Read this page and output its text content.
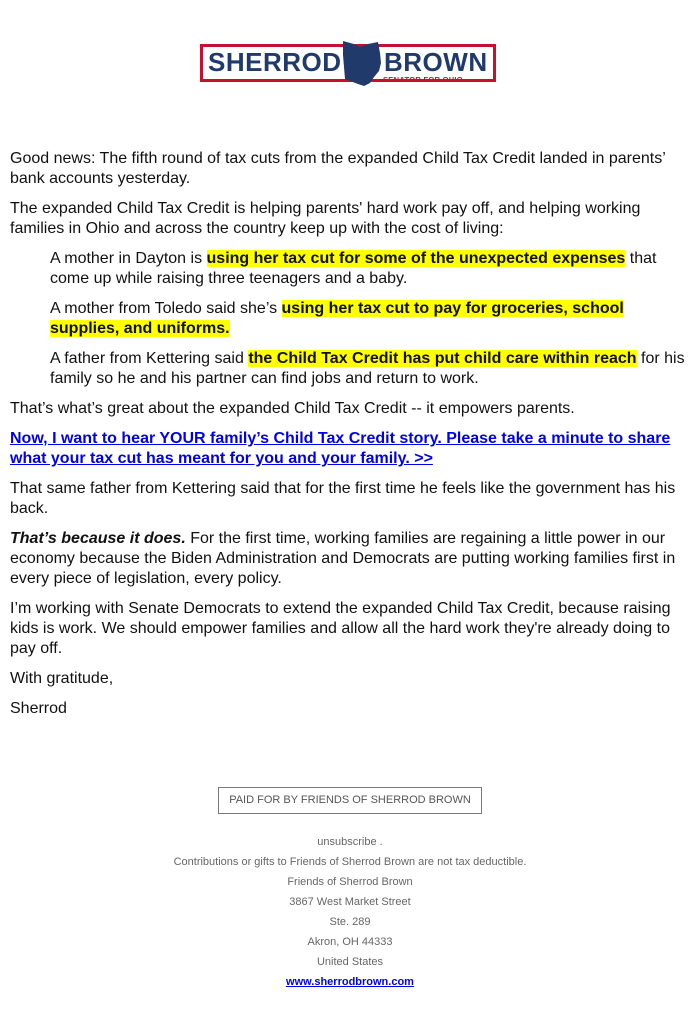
SHERROD BROWN
SENATOR FOR OHIO

Good news: The fifth round of tax cuts from the expanded Child Tax Credit landed in parents’ bank accounts yesterday.

The expanded Child Tax Credit is helping parents' hard work pay off, and helping working families in Ohio and across the country keep up with the cost of living:

A mother in Dayton is using her tax cut for some of the unexpected expenses that come up while raising three teenagers and a baby.

A mother from Toledo said she’s using her tax cut to pay for groceries, school supplies, and uniforms.

A father from Kettering said the Child Tax Credit has put child care within reach for his family so he and his partner can find jobs and return to work.

That’s what’s great about the expanded Child Tax Credit -- it empowers parents.

Now, I want to hear YOUR family’s Child Tax Credit story. Please take a minute to share what your tax cut has meant for you and your family. >>

That same father from Kettering said that for the first time he feels like the government has his back.

That’s because it does. For the first time, working families are regaining a little power in our economy because the Biden Administration and Democrats are putting working families first in every piece of legislation, every policy.

I’m working with Senate Democrats to extend the expanded Child Tax Credit, because raising kids is work. We should empower families and allow all the hard work they're already doing to pay off.

With gratitude,

Sherrod

PAID FOR BY FRIENDS OF SHERROD BROWN
unsubscribe .
Contributions or gifts to Friends of Sherrod Brown are not tax deductible.
Friends of Sherrod Brown
3867 West Market Street
Ste. 289
Akron, OH 44333
United States
www.sherrodbrown.com
